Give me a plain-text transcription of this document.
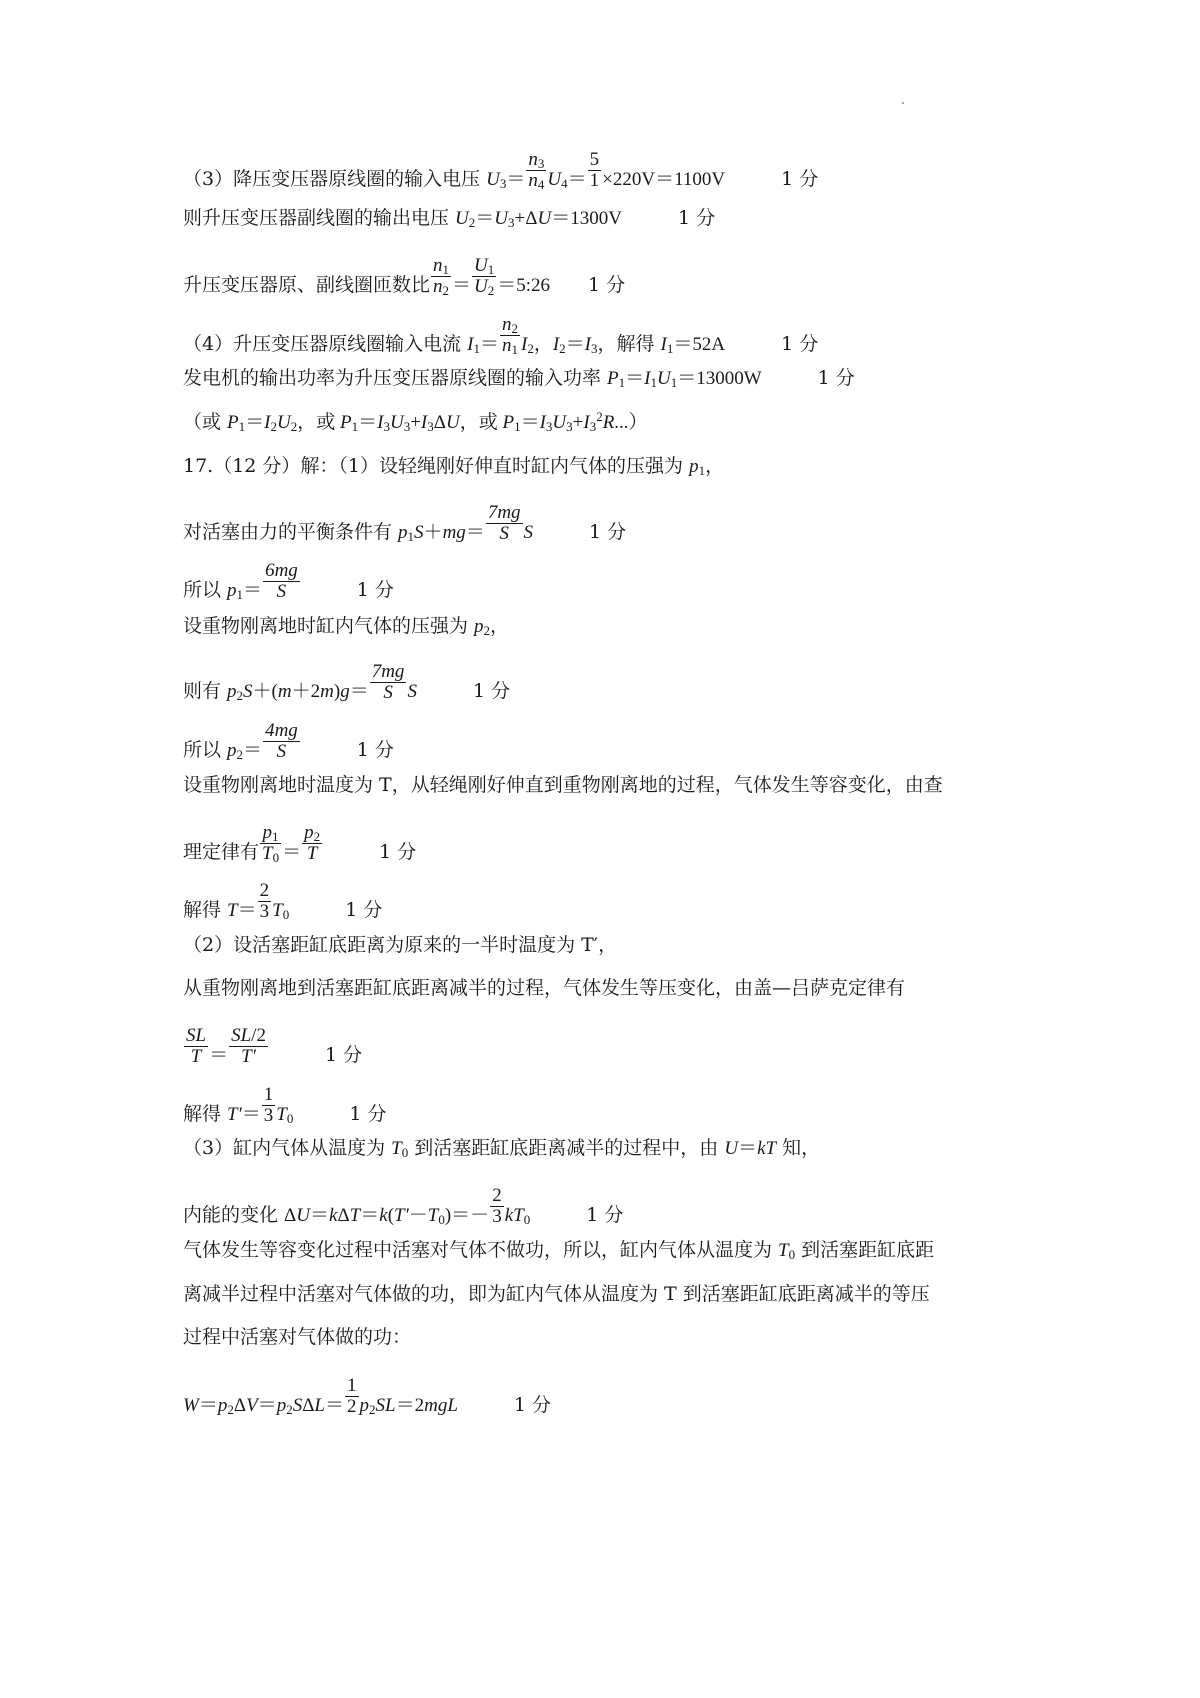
（3）降压变压器原线圈的输入电压 $U_3= \frac{n_3}{n_4} U_4= \frac{5}{1} \times 220V=1100V$	1 分
则升压变压器副线圈的输出电压 $U_2=U_3+\Delta U=1300V$	1 分
升压变压器原、副线圈匝数比 $\frac{n_1}{n_2} = \frac{U_1}{U_2}$ ＝5:26 1 分
（4）升压变压器原线圈输入电流 $I_1= \frac{n_2}{n_1} I_2$，$I_2=I_3$，解得 $I_1=52A$	1 分
发电机的输出功率为升压变压器原线圈的输入功率 $P_1=I_1U_1=13000W$	1 分
（或 $P_1=I_2U_2$，或 $P_1=I_3U_3+I_3\Delta U$，或 $P_1=I_3U_3+I_3^2R$...）
17.（12 分）解：（1）设轻绳刚好伸直时缸内气体的压强为 $p_1$，
对活塞由力的平衡条件有 $p_1S+mg= \frac{7mg}{S}$ S	1 分
所以 $p_1= \frac{6mg}{S}$	1 分
设重物刚离地时缸内气体的压强为 $p_2$，
则有 $p_2S+(m+2m)g= \frac{7mg}{S}$ S	1 分
所以 $p_2= \frac{4mg}{S}$	1 分
设重物刚离地时温度为 T，从轻绳刚好伸直到重物刚离地的过程，气体发生等容变化，由查
理定律有 $\frac{p_1}{T_0} = \frac{p_2}{T}$	1 分
解得 $T= \frac{2}{3} T_0$	1 分
（2）设活塞距缸底距离为原来的一半时温度为 T′，
从重物刚离地到活塞距缸底距离减半的过程，气体发生等压变化，由盖—吕萨克定律有
$\frac{SL}{T} = \frac{SL/2}{T'}$	1 分
解得 $T'= \frac{1}{3} T_0$	1 分
（3）缸内气体从温度为 $T_0$ 到活塞距缸底距离减半的过程中，由 U＝kT 知，
内能的变化 $\Delta U=k\Delta T=k(T'-T_0)=- \frac{2}{3} kT_0$	1 分
气体发生等容变化过程中活塞对气体不做功，所以，缸内气体从温度为 $T_0$ 到活塞距缸底距
离减半过程中活塞对气体做的功，即为缸内气体从温度为 T 到活塞距缸底距离减半的等压
过程中活塞对气体做的功：
$W=p_2\Delta V=p_2S\Delta L= \frac{1}{2} p_2SL=2mgL$	1 分
